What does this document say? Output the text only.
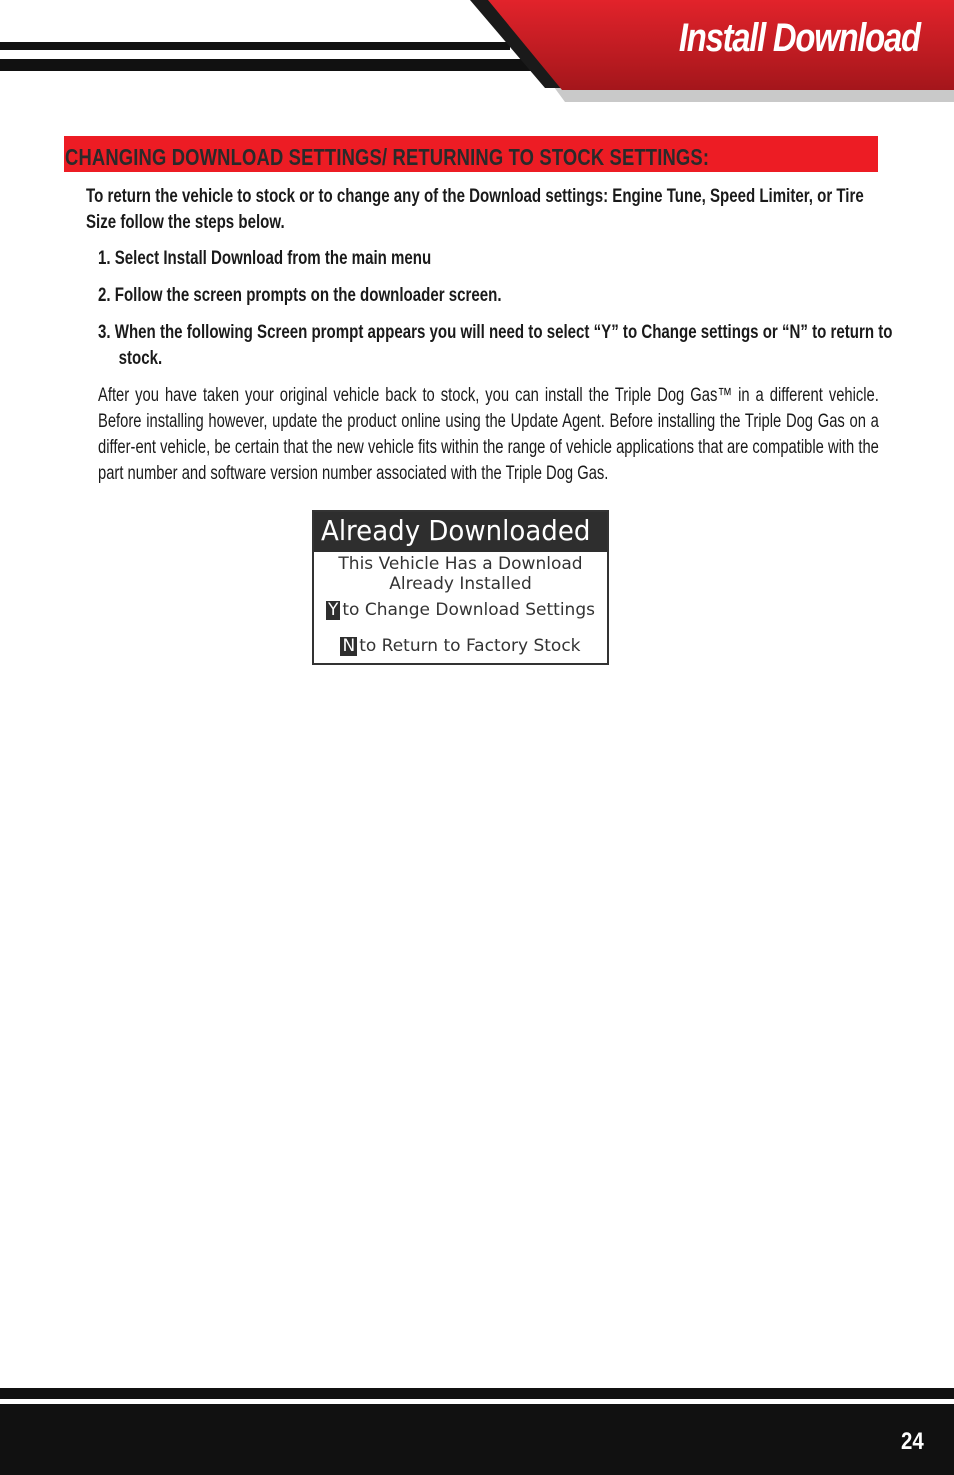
Install Download
CHANGING DOWNLOAD SETTINGS/ RETURNING TO STOCK SETTINGS:

To return the vehicle to stock or to change any of the Download settings: Engine Tune, Speed Limiter, or Tire Size follow the steps below.

1. Select Install Download from the main menu

2. Follow the screen prompts on the downloader screen.

3. When the following Screen prompt appears you will need to select “Y” to Change settings or “N” to return to stock.

After you have taken your original vehicle back to stock, you can install the Triple Dog Gas™ in a different vehicle. Before installing however, update the product online using the Update Agent. Before installing the Triple Dog Gas on a differ-ent vehicle, be certain that the new vehicle fits within the range of vehicle applications that are compatible with the part number and software version number associated with the Triple Dog Gas.

Already Downloaded
This Vehicle Has a Download
Already Installed
Y to Change Download Settings
N to Return to Factory Stock
24
